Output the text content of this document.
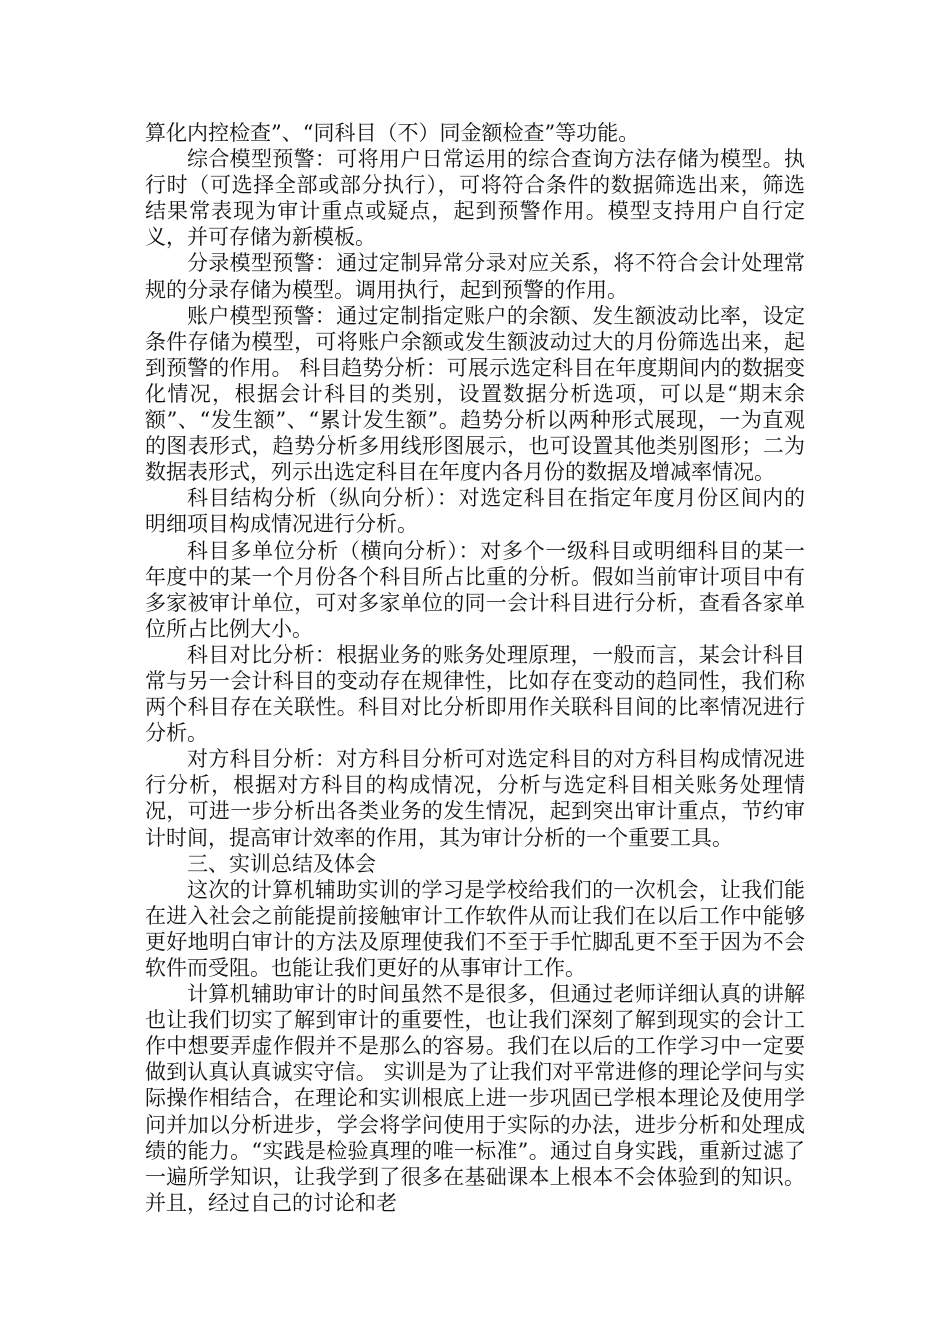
算化内控检查”、“同科目（不）同金额检查”等功能。

综合模型预警：可将用户日常运用的综合查询方法存储为模型。执行时（可选择全部或部分执行），可将符合条件的数据筛选出来，筛选结果常表现为审计重点或疑点，起到预警作用。模型支持用户自行定义，并可存储为新模板。

分录模型预警：通过定制异常分录对应关系，将不符合会计处理常规的分录存储为模型。调用执行，起到预警的作用。

账户模型预警：通过定制指定账户的余额、发生额波动比率，设定条件存储为模型，可将账户余额或发生额波动过大的月份筛选出来，起到预警的作用。 科目趋势分析：可展示选定科目在年度期间内的数据变化情况，根据会计科目的类别，设置数据分析选项，可以是“期末余额”、“发生额”、“累计发生额”。趋势分析以两种形式展现，一为直观的图表形式，趋势分析多用线形图展示，也可设置其他类别图形；二为数据表形式，列示出选定科目在年度内各月份的数据及增减率情况。

科目结构分析（纵向分析）：对选定科目在指定年度月份区间内的明细项目构成情况进行分析。

科目多单位分析（横向分析）：对多个一级科目或明细科目的某一年度中的某一个月份各个科目所占比重的分析。假如当前审计项目中有多家被审计单位，可对多家单位的同一会计科目进行分析，查看各家单位所占比例大小。

科目对比分析：根据业务的账务处理原理，一般而言，某会计科目常与另一会计科目的变动存在规律性，比如存在变动的趋同性，我们称两个科目存在关联性。科目对比分析即用作关联科目间的比率情况进行分析。

对方科目分析：对方科目分析可对选定科目的对方科目构成情况进行分析，根据对方科目的构成情况，分析与选定科目相关账务处理情况，可进一步分析出各类业务的发生情况，起到突出审计重点，节约审计时间，提高审计效率的作用，其为审计分析的一个重要工具。

三、实训总结及体会

这次的计算机辅助实训的学习是学校给我们的一次机会，让我们能在进入社会之前能提前接触审计工作软件从而让我们在以后工作中能够更好地明白审计的方法及原理使我们不至于手忙脚乱更不至于因为不会软件而受阻。也能让我们更好的从事审计工作。

计算机辅助审计的时间虽然不是很多，但通过老师详细认真的讲解也让我们切实了解到审计的重要性，也让我们深刻了解到现实的会计工作中想要弄虚作假并不是那么的容易。我们在以后的工作学习中一定要做到认真认真诚实守信。 实训是为了让我们对平常进修的理论学问与实际操作相结合，在理论和实训根底上进一步巩固已学根本理论及使用学问并加以分析进步，学会将学问使用于实际的办法，进步分析和处理成绩的能力。“实践是检验真理的唯一标准”。通过自身实践，重新过滤了一遍所学知识，让我学到了很多在基础课本上根本不会体验到的知识。并且，经过自己的讨论和老
